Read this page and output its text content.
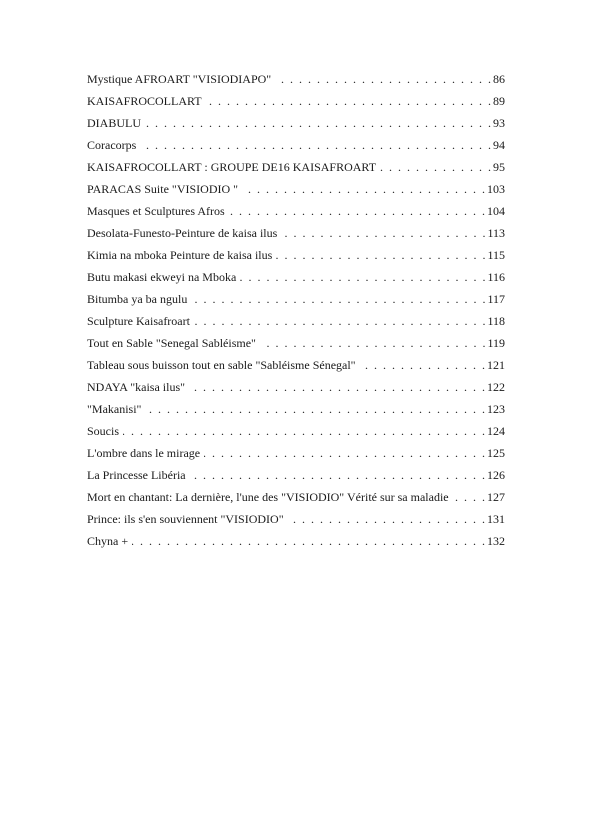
Mystique AFROART "VISIODIAPO" . . .	86
KAISAFROCOLLART . . .	89
DIABULU . . .	93
Coracorps . . .	94
KAISAFROCOLLART : GROUPE DE16 KAISAFROART . . .	95
PARACAS Suite "VISIODIO " . . .	103
Masques et Sculptures Afros . . .	104
Desolata-Funesto-Peinture de kaisa ilus . . .	113
Kimia na mboka Peinture de kaisa ilus . . .	115
Butu makasi ekweyi na Mboka . . .	116
Bitumba ya ba ngulu . . .	117
Sculpture Kaisafroart . . .	118
Tout en Sable "Senegal Sabléisme" . . .	119
Tableau sous buisson tout en sable "Sabléisme Sénegal" . . .	121
NDAYA "kaisa ilus" . . .	122
"Makanisi" . . .	123
Soucis . . .	124
L'ombre dans le mirage . . .	125
La Princesse Libéria . . .	126
Mort en chantant: La dernière, l'une des "VISIODIO" Vérité sur sa maladie . . .	127
Prince: ils s'en souviennent "VISIODIO" . . .	131
Chyna + . . .	132
